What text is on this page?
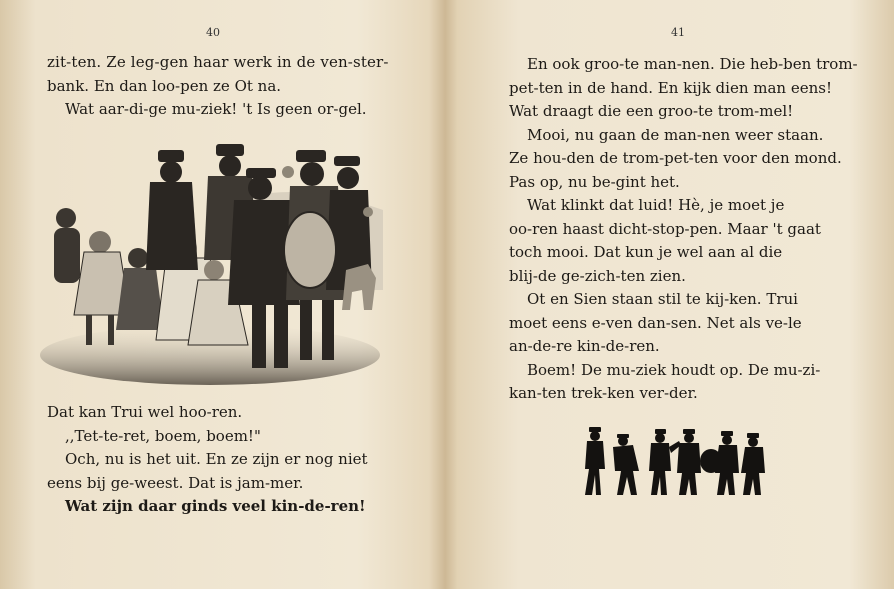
40

zit-ten. Ze leg-gen haar werk in de ven-ster-

bank. En dan loo-pen ze Ot na.

Wat aar-di-ge mu-ziek! 't Is geen or-gel.

Dat kan Trui wel hoo-ren.

,,Tet-te-ret, boem, boem!"

Och, nu is het uit. En ze zijn er nog niet

eens bij ge-weest. Dat is jam-mer.

Wat zijn daar ginds veel kin-de-ren!

41

En ook groo-te man-nen. Die heb-ben trom-

pet-ten in de hand. En kijk dien man eens!

Wat draagt die een groo-te trom-mel!

Mooi, nu gaan de man-nen weer staan.

Ze hou-den de trom-pet-ten voor den mond.

Pas op, nu be-gint het.

Wat klinkt dat luid! Hè, je moet je

oo-ren haast dicht-stop-pen. Maar 't gaat

toch mooi. Dat kun je wel aan al die

blij-de ge-zich-ten zien.

Ot en Sien staan stil te kij-ken. Trui

moet eens e-ven dan-sen. Net als ve-le

an-de-re kin-de-ren.

Boem! De mu-ziek houdt op. De mu-zi-

kan-ten trek-ken ver-der.
